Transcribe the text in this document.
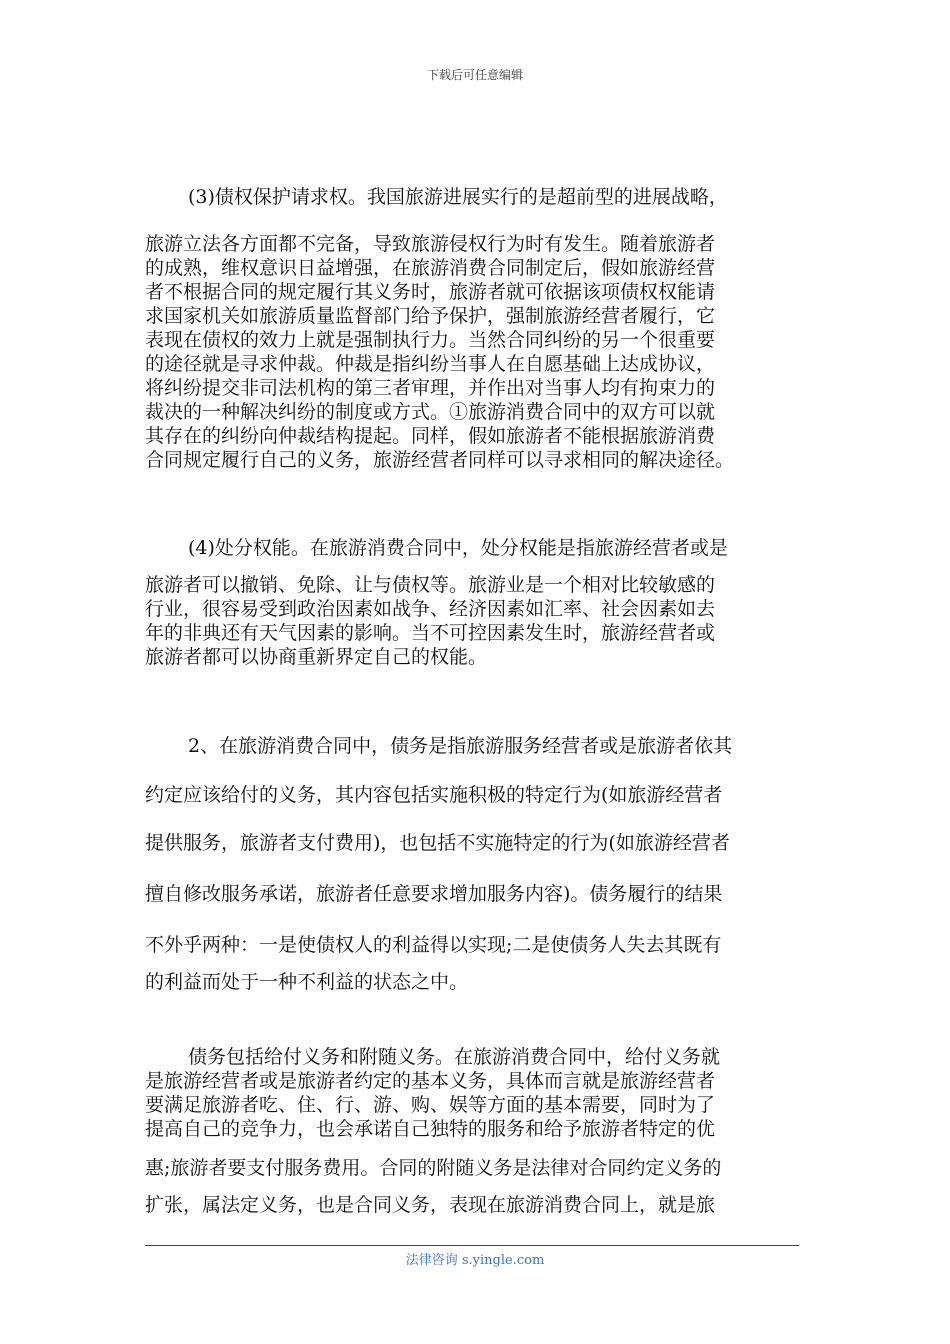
下载后可任意编辑
(3)债权保护请求权。我国旅游进展实行的是超前型的进展战略，
旅游立法各方面都不完备，导致旅游侵权行为时有发生。随着旅游者
的成熟，维权意识日益增强，在旅游消费合同制定后，假如旅游经营
者不根据合同的规定履行其义务时，旅游者就可依据该项债权权能请
求国家机关如旅游质量监督部门给予保护，强制旅游经营者履行，它
表现在债权的效力上就是强制执行力。当然合同纠纷的另一个很重要
的途径就是寻求仲裁。仲裁是指纠纷当事人在自愿基础上达成协议，
将纠纷提交非司法机构的第三者审理，并作出对当事人均有拘束力的
裁决的一种解决纠纷的制度或方式。①旅游消费合同中的双方可以就
其存在的纠纷向仲裁结构提起。同样，假如旅游者不能根据旅游消费
合同规定履行自己的义务，旅游经营者同样可以寻求相同的解决途径。
(4)处分权能。在旅游消费合同中，处分权能是指旅游经营者或是
旅游者可以撤销、免除、让与债权等。旅游业是一个相对比较敏感的
行业，很容易受到政治因素如战争、经济因素如汇率、社会因素如去
年的非典还有天气因素的影响。当不可控因素发生时，旅游经营者或
旅游者都可以协商重新界定自己的权能。
2、在旅游消费合同中，债务是指旅游服务经营者或是旅游者依其
约定应该给付的义务，其内容包括实施积极的特定行为(如旅游经营者
提供服务，旅游者支付费用)，也包括不实施特定的行为(如旅游经营者
擅自修改服务承诺，旅游者任意要求增加服务内容)。债务履行的结果
不外乎两种：一是使债权人的利益得以实现;二是使债务人失去其既有
的利益而处于一种不利益的状态之中。
债务包括给付义务和附随义务。在旅游消费合同中，给付义务就
是旅游经营者或是旅游者约定的基本义务，具体而言就是旅游经营者
要满足旅游者吃、住、行、游、购、娱等方面的基本需要，同时为了
提高自己的竞争力，也会承诺自己独特的服务和给予旅游者特定的优
惠;旅游者要支付服务费用。合同的附随义务是法律对合同约定义务的
扩张，属法定义务，也是合同义务，表现在旅游消费合同上，就是旅
法律咨询 s.yingle.com
